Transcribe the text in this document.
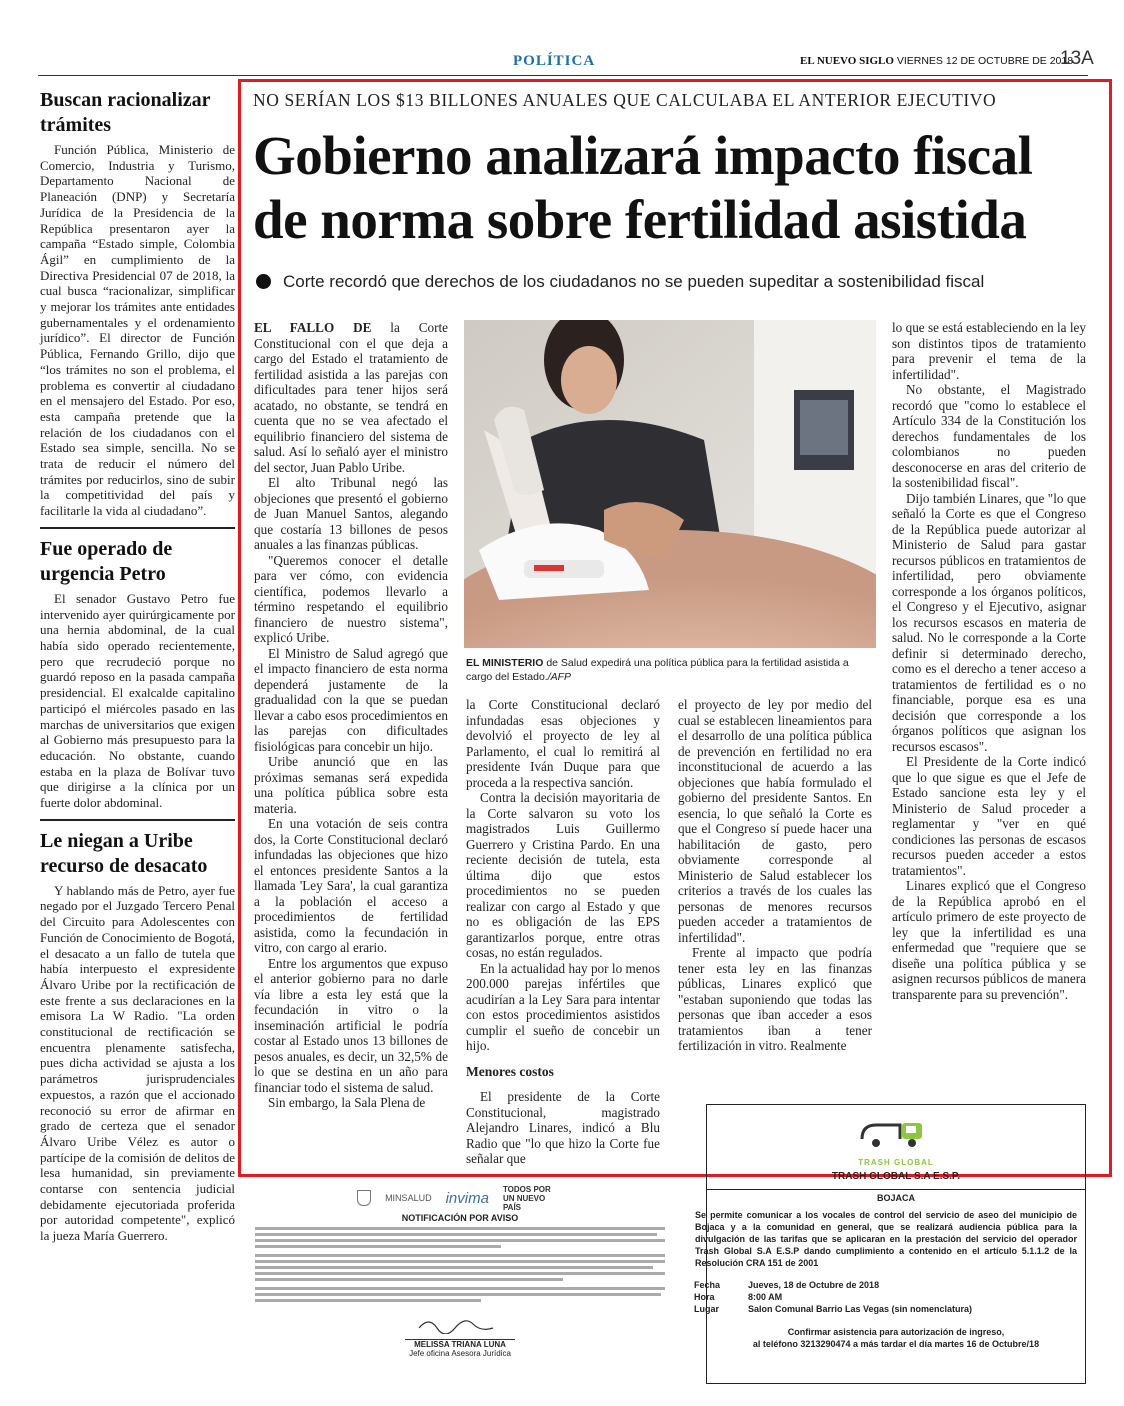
POLÍTICA	EL NUEVO SIGLO VIERNES 12 DE OCTUBRE DE 2018
13A
Buscan racionalizar trámites

Función Pública, Ministerio de Comercio, Industria y Turismo, Departamento Nacional de Planeación (DNP) y Secretaría Jurídica de la Presidencia de la República presentaron ayer la campaña “Estado simple, Colombia Ágil” en cumplimiento de la Directiva Presidencial 07 de 2018, la cual busca “racionalizar, simplificar y mejorar los trámites ante entidades gubernamentales y el ordenamiento jurídico”. El director de Función Pública, Fernando Grillo, dijo que “los trámites no son el problema, el problema es convertir al ciudadano en el mensajero del Estado. Por eso, esta campaña pretende que la relación de los ciudadanos con el Estado sea simple, sencilla. No se trata de reducir el número del trámites por reducirlos, sino de subir la competitividad del país y facilitarle la vida al ciudadano”.

Fue operado de urgencia Petro

El senador Gustavo Petro fue intervenido ayer quirúrgicamente por una hernia abdominal, de la cual había sido operado recientemente, pero que recrudeció porque no guardó reposo en la pasada campaña presidencial. El exalcalde capitalino participó el miércoles pasado en las marchas de universitarios que exigen al Gobierno más presupuesto para la educación. No obstante, cuando estaba en la plaza de Bolívar tuvo que dirigirse a la clínica por un fuerte dolor abdominal.

Le niegan a Uribe recurso de desacato

Y hablando más de Petro, ayer fue negado por el Juzgado Tercero Penal del Circuito para Adolescentes con Función de Conocimiento de Bogotá, el desacato a un fallo de tutela que había interpuesto el expresidente Álvaro Uribe por la rectificación de este frente a sus declaraciones en la emisora La W Radio. "La orden constitucional de rectificación se encuentra plenamente satisfecha, pues dicha actividad se ajusta a los parámetros jurisprudenciales expuestos, a razón que el accionado reconoció su error de afirmar en grado de certeza que el senador Álvaro Uribe Vélez es autor o partícipe de la comisión de delitos de lesa humanidad, sin previamente contarse con sentencia judicial debidamente ejecutoriada proferida por autoridad competente", explicó la jueza María Guerrero.

NO SERÍAN LOS $13 BILLONES ANUALES QUE CALCULABA EL ANTERIOR EJECUTIVO
Gobierno analizará impacto fiscal
de norma sobre fertilidad asistida
Corte recordó que derechos de los ciudadanos no se pueden supeditar a sostenibilidad fiscal

EL FALLO DE la Corte Constitucional con el que deja a cargo del Estado el tratamiento de fertilidad asistida a las parejas con dificultades para tener hijos será acatado, no obstante, se tendrá en cuenta que no se vea afectado el equilibrio financiero del sistema de salud. Así lo señaló ayer el ministro del sector, Juan Pablo Uribe.

El alto Tribunal negó las objeciones que presentó el gobierno de Juan Manuel Santos, alegando que costaría 13 billones de pesos anuales a las finanzas públicas.

"Queremos conocer el detalle para ver cómo, con evidencia científica, podemos llevarlo a término respetando el equilibrio financiero de nuestro sistema", explicó Uribe.

El Ministro de Salud agregó que el impacto financiero de esta norma dependerá justamente de la gradualidad con la que se puedan llevar a cabo esos procedimientos en las parejas con dificultades fisiológicas para concebir un hijo.

Uribe anunció que en las próximas semanas será expedida una política pública sobre esta materia.

En una votación de seis contra dos, la Corte Constitucional declaró infundadas las objeciones que hizo el entonces presidente Santos a la llamada 'Ley Sara', la cual garantiza a la población el acceso a procedimientos de fertilidad asistida, como la fecundación in vitro, con cargo al erario.

Entre los argumentos que expuso el anterior gobierno para no darle vía libre a esta ley está que la fecundación in vitro o la inseminación artificial le podría costar al Estado unos 13 billones de pesos anuales, es decir, un 32,5% de lo que se destina en un año para financiar todo el sistema de salud.

Sin embargo, la Sala Plena de

EL MINISTERIO de Salud expedirá una política pública para la fertilidad asistida a cargo del Estado./AFP

la Corte Constitucional declaró infundadas esas objeciones y devolvió el proyecto de ley al Parlamento, el cual lo remitirá al presidente Iván Duque para que proceda a la respectiva sanción.

Contra la decisión mayoritaria de la Corte salvaron su voto los magistrados Luis Guillermo Guerrero y Cristina Pardo. En una reciente decisión de tutela, esta última dijo que estos procedimientos no se pueden realizar con cargo al Estado y que no es obligación de las EPS garantizarlos porque, entre otras cosas, no están regulados.

En la actualidad hay por lo menos 200.000 parejas infértiles que acudirían a la Ley Sara para intentar con estos procedimientos asistidos cumplir el sueño de concebir un hijo.

Menores costos

El presidente de la Corte Constitucional, magistrado Alejandro Linares, indicó a Blu Radio que "lo que hizo la Corte fue señalar que

el proyecto de ley por medio del cual se establecen lineamientos para el desarrollo de una política pública de prevención en fertilidad no era inconstitucional de acuerdo a las objeciones que había formulado el gobierno del presidente Santos. En esencia, lo que señaló la Corte es que el Congreso sí puede hacer una habilitación de gasto, pero obviamente corresponde al Ministerio de Salud establecer los criterios a través de los cuales las personas de menores recursos pueden acceder a tratamientos de infertilidad".

Frente al impacto que podría tener esta ley en las finanzas públicas, Linares explicó que "estaban suponiendo que todas las personas que iban acceder a esos tratamientos iban a tener fertilización in vitro. Realmente

lo que se está estableciendo en la ley son distintos tipos de tratamiento para prevenir el tema de la infertilidad".

No obstante, el Magistrado recordó que "como lo establece el Artículo 334 de la Constitución los derechos fundamentales de los colombianos no pueden desconocerse en aras del criterio de la sostenibilidad fiscal".

Dijo también Linares, que "lo que señaló la Corte es que el Congreso de la República puede autorizar al Ministerio de Salud para gastar recursos públicos en tratamientos de infertilidad, pero obviamente corresponde a los órganos políticos, el Congreso y el Ejecutivo, asignar los recursos escasos en materia de salud. No le corresponde a la Corte definir si determinado derecho, como es el derecho a tener acceso a tratamientos de fertilidad es o no financiable, porque esa es una decisión que corresponde a los órganos políticos que asignan los recursos escasos".

El Presidente de la Corte indicó que lo que sigue es que el Jefe de Estado sancione esta ley y el Ministerio de Salud proceder a reglamentar y "ver en qué condiciones las personas de escasos recursos pueden acceder a estos tratamientos".

Linares explicó que el Congreso de la República aprobó en el artículo primero de este proyecto de ley que la infertilidad es una enfermedad que "requiere que se diseñe una política pública y se asignen recursos públicos de manera transparente para su prevención".

MINSALUD invima
TODOS POR UN NUEVO PAÍS
NOTIFICACIÓN POR AVISO
MELISSA TRIANA LUNA
Jefe oficina Asesora Jurídica
TRASH GLOBAL
TRASH GLOBAL S.A E.S.P.
BOJACA
Se permite comunicar a los vocales de control del servicio de aseo del municipio de Bojaca y a la comunidad en general, que se realizará audiencia pública para la divulgación de las tarifas que se aplicaran en la prestación del servicio del operador Trash Global S.A E.S.P dando cumplimiento a contenido en el artículo 5.1.1.2 de la Resolución CRA 151 de 2001
Fecha	Jueves, 18 de Octubre de 2018
Hora	8:00 AM
Lugar	Salon Comunal Barrio Las Vegas (sin nomenclatura)
Confirmar asistencia para autorización de ingreso,
al teléfono 3213290474 a más tardar el día martes 16 de Octubre/18
